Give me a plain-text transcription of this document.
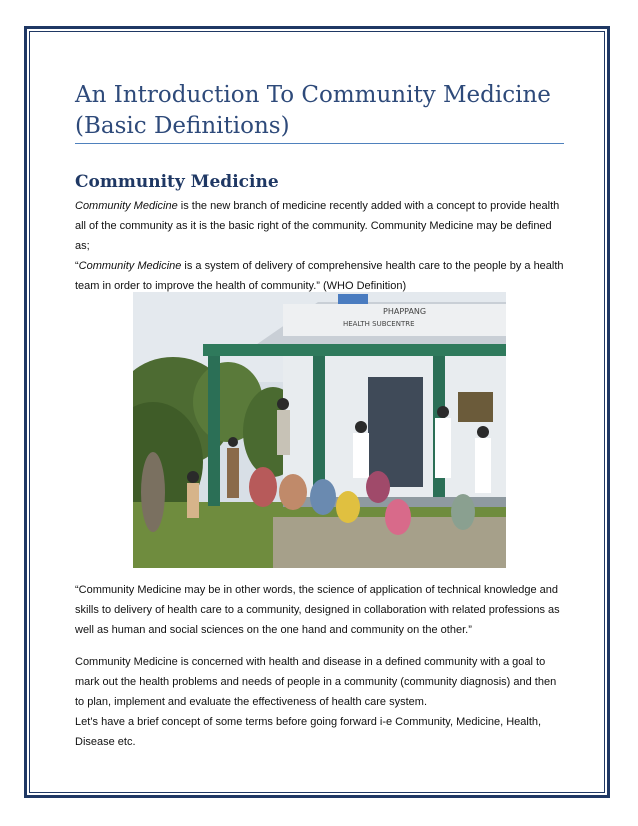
An Introduction To Community Medicine
(Basic Definitions)
Community Medicine

Community Medicine is the new branch of medicine recently added with a concept to provide health all of the community as it is the basic right of the community. Community Medicine may be defined as;

“Community Medicine is a system of delivery of comprehensive health care to the people by a health team in order to improve the health of community.” (WHO Definition)

PHAPPANG
HEALTH SUBCENTRE

“Community Medicine may be in other words, the science of application of technical knowledge and skills to delivery of health care to a community, designed in collaboration with related professions as well as human and social sciences on the one hand and community on the other.”

Community Medicine is concerned with health and disease in a defined community with a goal to mark out the health problems and needs of people in a community (community diagnosis) and then to plan, implement and evaluate the effectiveness of health care system.

Let’s have a brief concept of some terms before going forward i-e Community, Medicine, Health, Disease etc.
